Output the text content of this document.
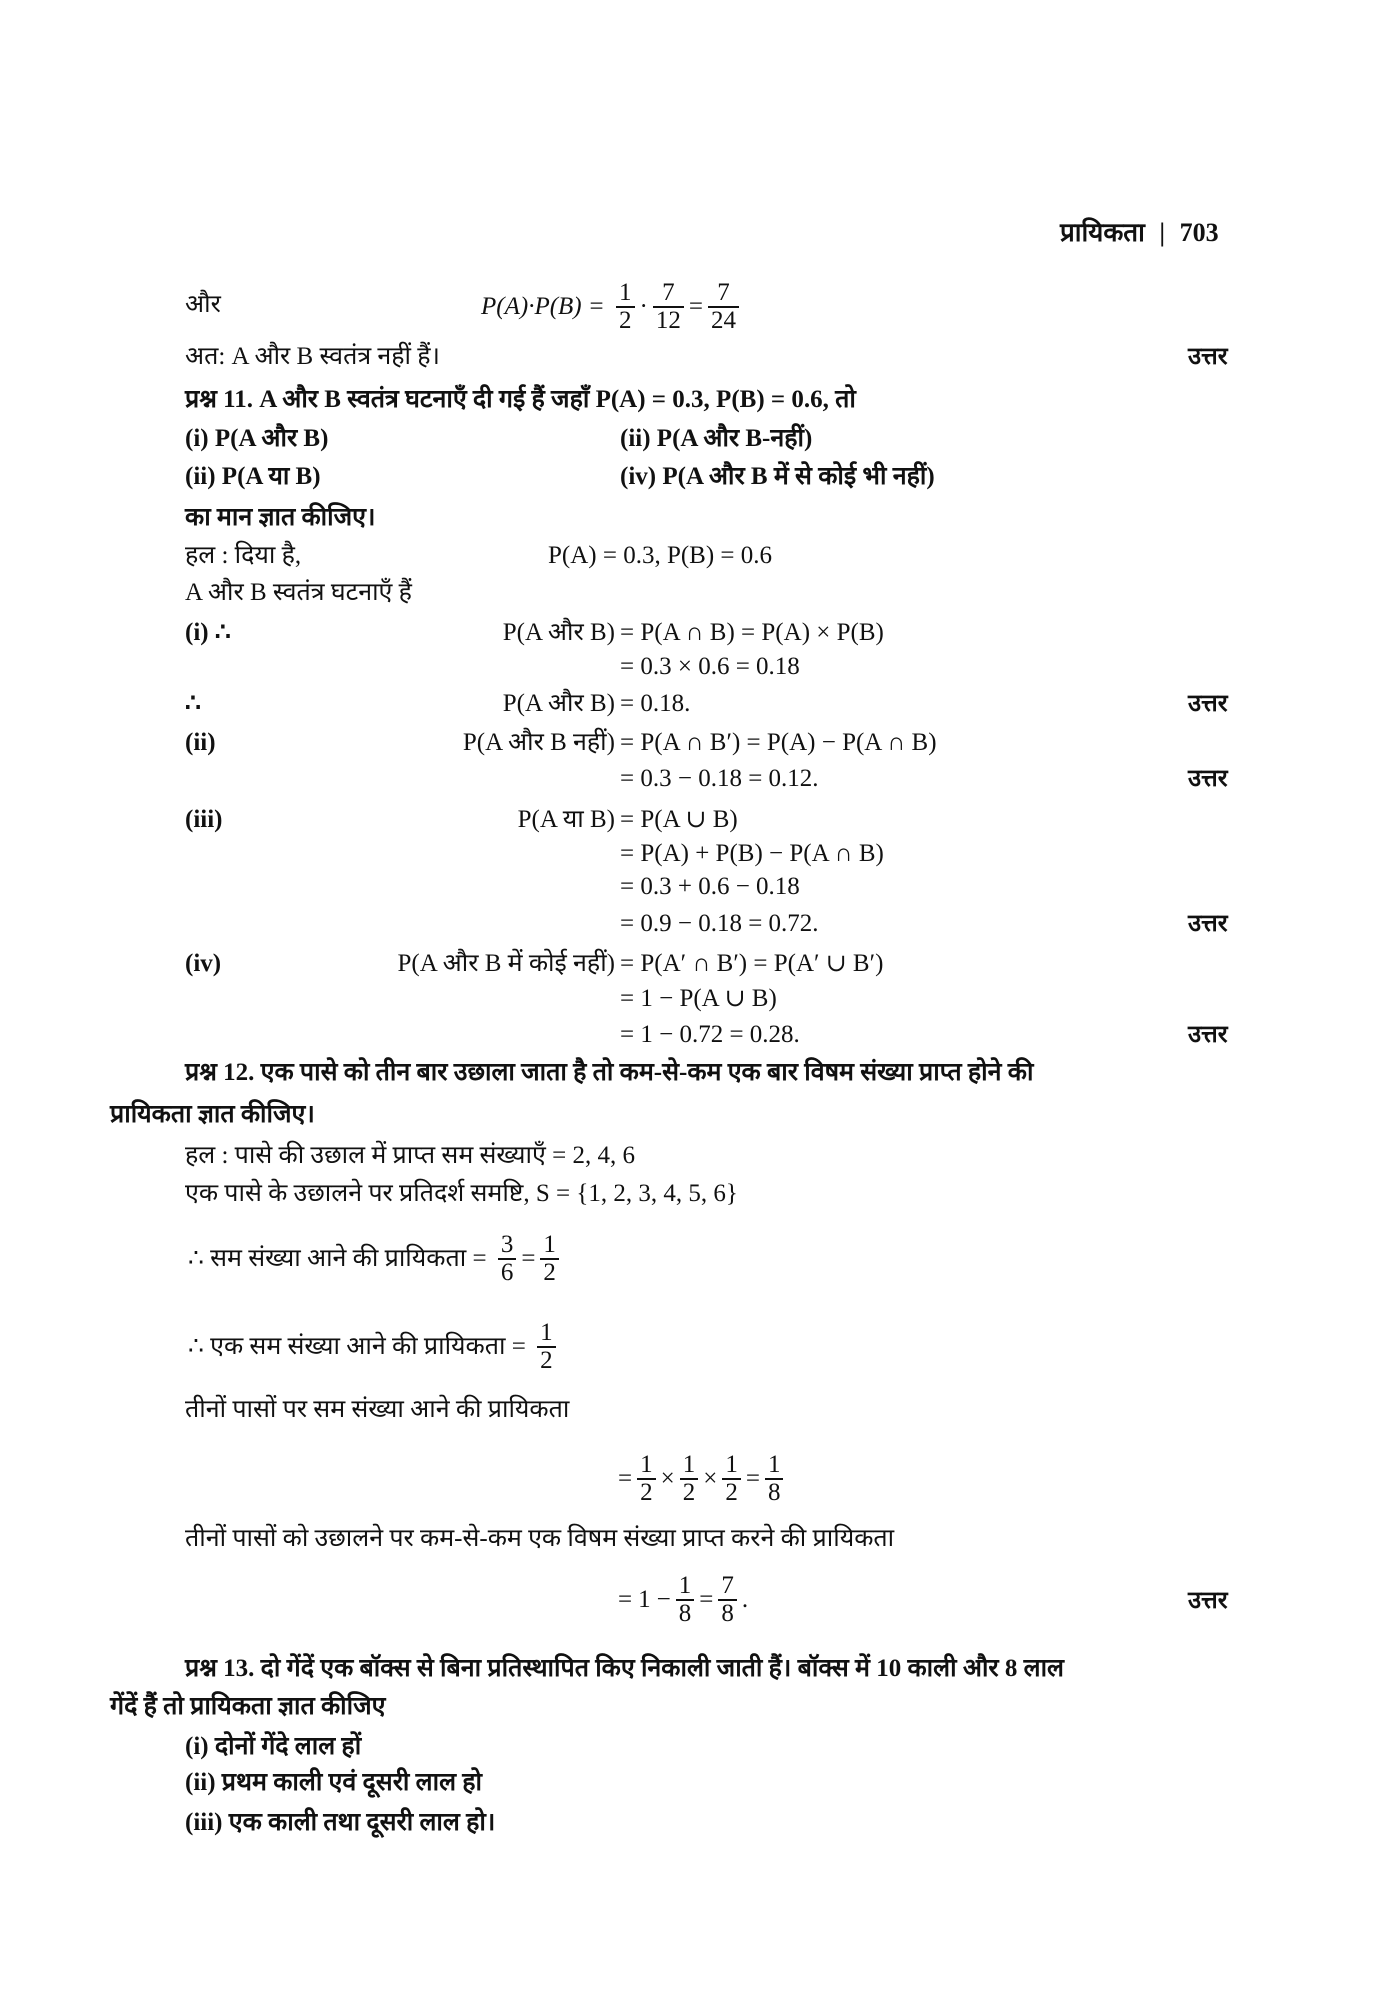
प्रायिकता | 703
और	$P(A)\cdot P(B) = \frac{1}{2} \cdot \frac{7}{12} = \frac{7}{24}$
अत: A और B स्वतंत्र नहीं हैं।	उत्तर
प्रश्न 11. A और B स्वतंत्र घटनाएँ दी गई हैं जहाँ P(A) = 0.3, P(B) = 0.6, तो
(i) P(A और B)	(ii) P(A और B-नहीं)
(ii) P(A या B)	(iv) P(A और B में से कोई भी नहीं)
का मान ज्ञात कीजिए।
हल : दिया है,	P(A) = 0.3, P(B) = 0.6
A और B स्वतंत्र घटनाएँ हैं
(i) ∴	P(A और B) = P(A ∩ B) = P(A) × P(B)
= 0.3 × 0.6 = 0.18
∴	P(A और B) = 0.18.	उत्तर
(ii)	P(A और B नहीं) = P(A ∩ B′) = P(A) − P(A ∩ B)
= 0.3 − 0.18 = 0.12.	उत्तर
(iii)	P(A या B) = P(A ∪ B)
= P(A) + P(B) − P(A ∩ B)
= 0.3 + 0.6 − 0.18
= 0.9 − 0.18 = 0.72.	उत्तर
(iv)	P(A और B में कोई नहीं) = P(A′ ∩ B′) = P(A′ ∪ B′)
= 1 − P(A ∪ B)
= 1 − 0.72 = 0.28.	उत्तर
प्रश्न 12. एक पासे को तीन बार उछाला जाता है तो कम-से-कम एक बार विषम संख्या प्राप्त होने की
प्रायिकता ज्ञात कीजिए।
हल : पासे की उछाल में प्राप्त सम संख्याएँ = 2, 4, 6
एक पासे के उछालने पर प्रतिदर्श समष्टि, S = {1, 2, 3, 4, 5, 6}
∴ सम संख्या आने की प्रायिकता = $\frac{3}{6} = \frac{1}{2}$
∴ एक सम संख्या आने की प्रायिकता = $\frac{1}{2}$
तीनों पासों पर सम संख्या आने की प्रायिकता
= $\frac{1}{2} \times \frac{1}{2} \times \frac{1}{2} = \frac{1}{8}$
तीनों पासों को उछालने पर कम-से-कम एक विषम संख्या प्राप्त करने की प्रायिकता
= $1 - \frac{1}{8} = \frac{7}{8}$ .	उत्तर
प्रश्न 13. दो गेंदें एक बॉक्स से बिना प्रतिस्थापित किए निकाली जाती हैं। बॉक्स में 10 काली और 8 लाल
गेंदें हैं तो प्रायिकता ज्ञात कीजिए
(i) दोनों गेंदे लाल हों
(ii) प्रथम काली एवं दूसरी लाल हो
(iii) एक काली तथा दूसरी लाल हो।
